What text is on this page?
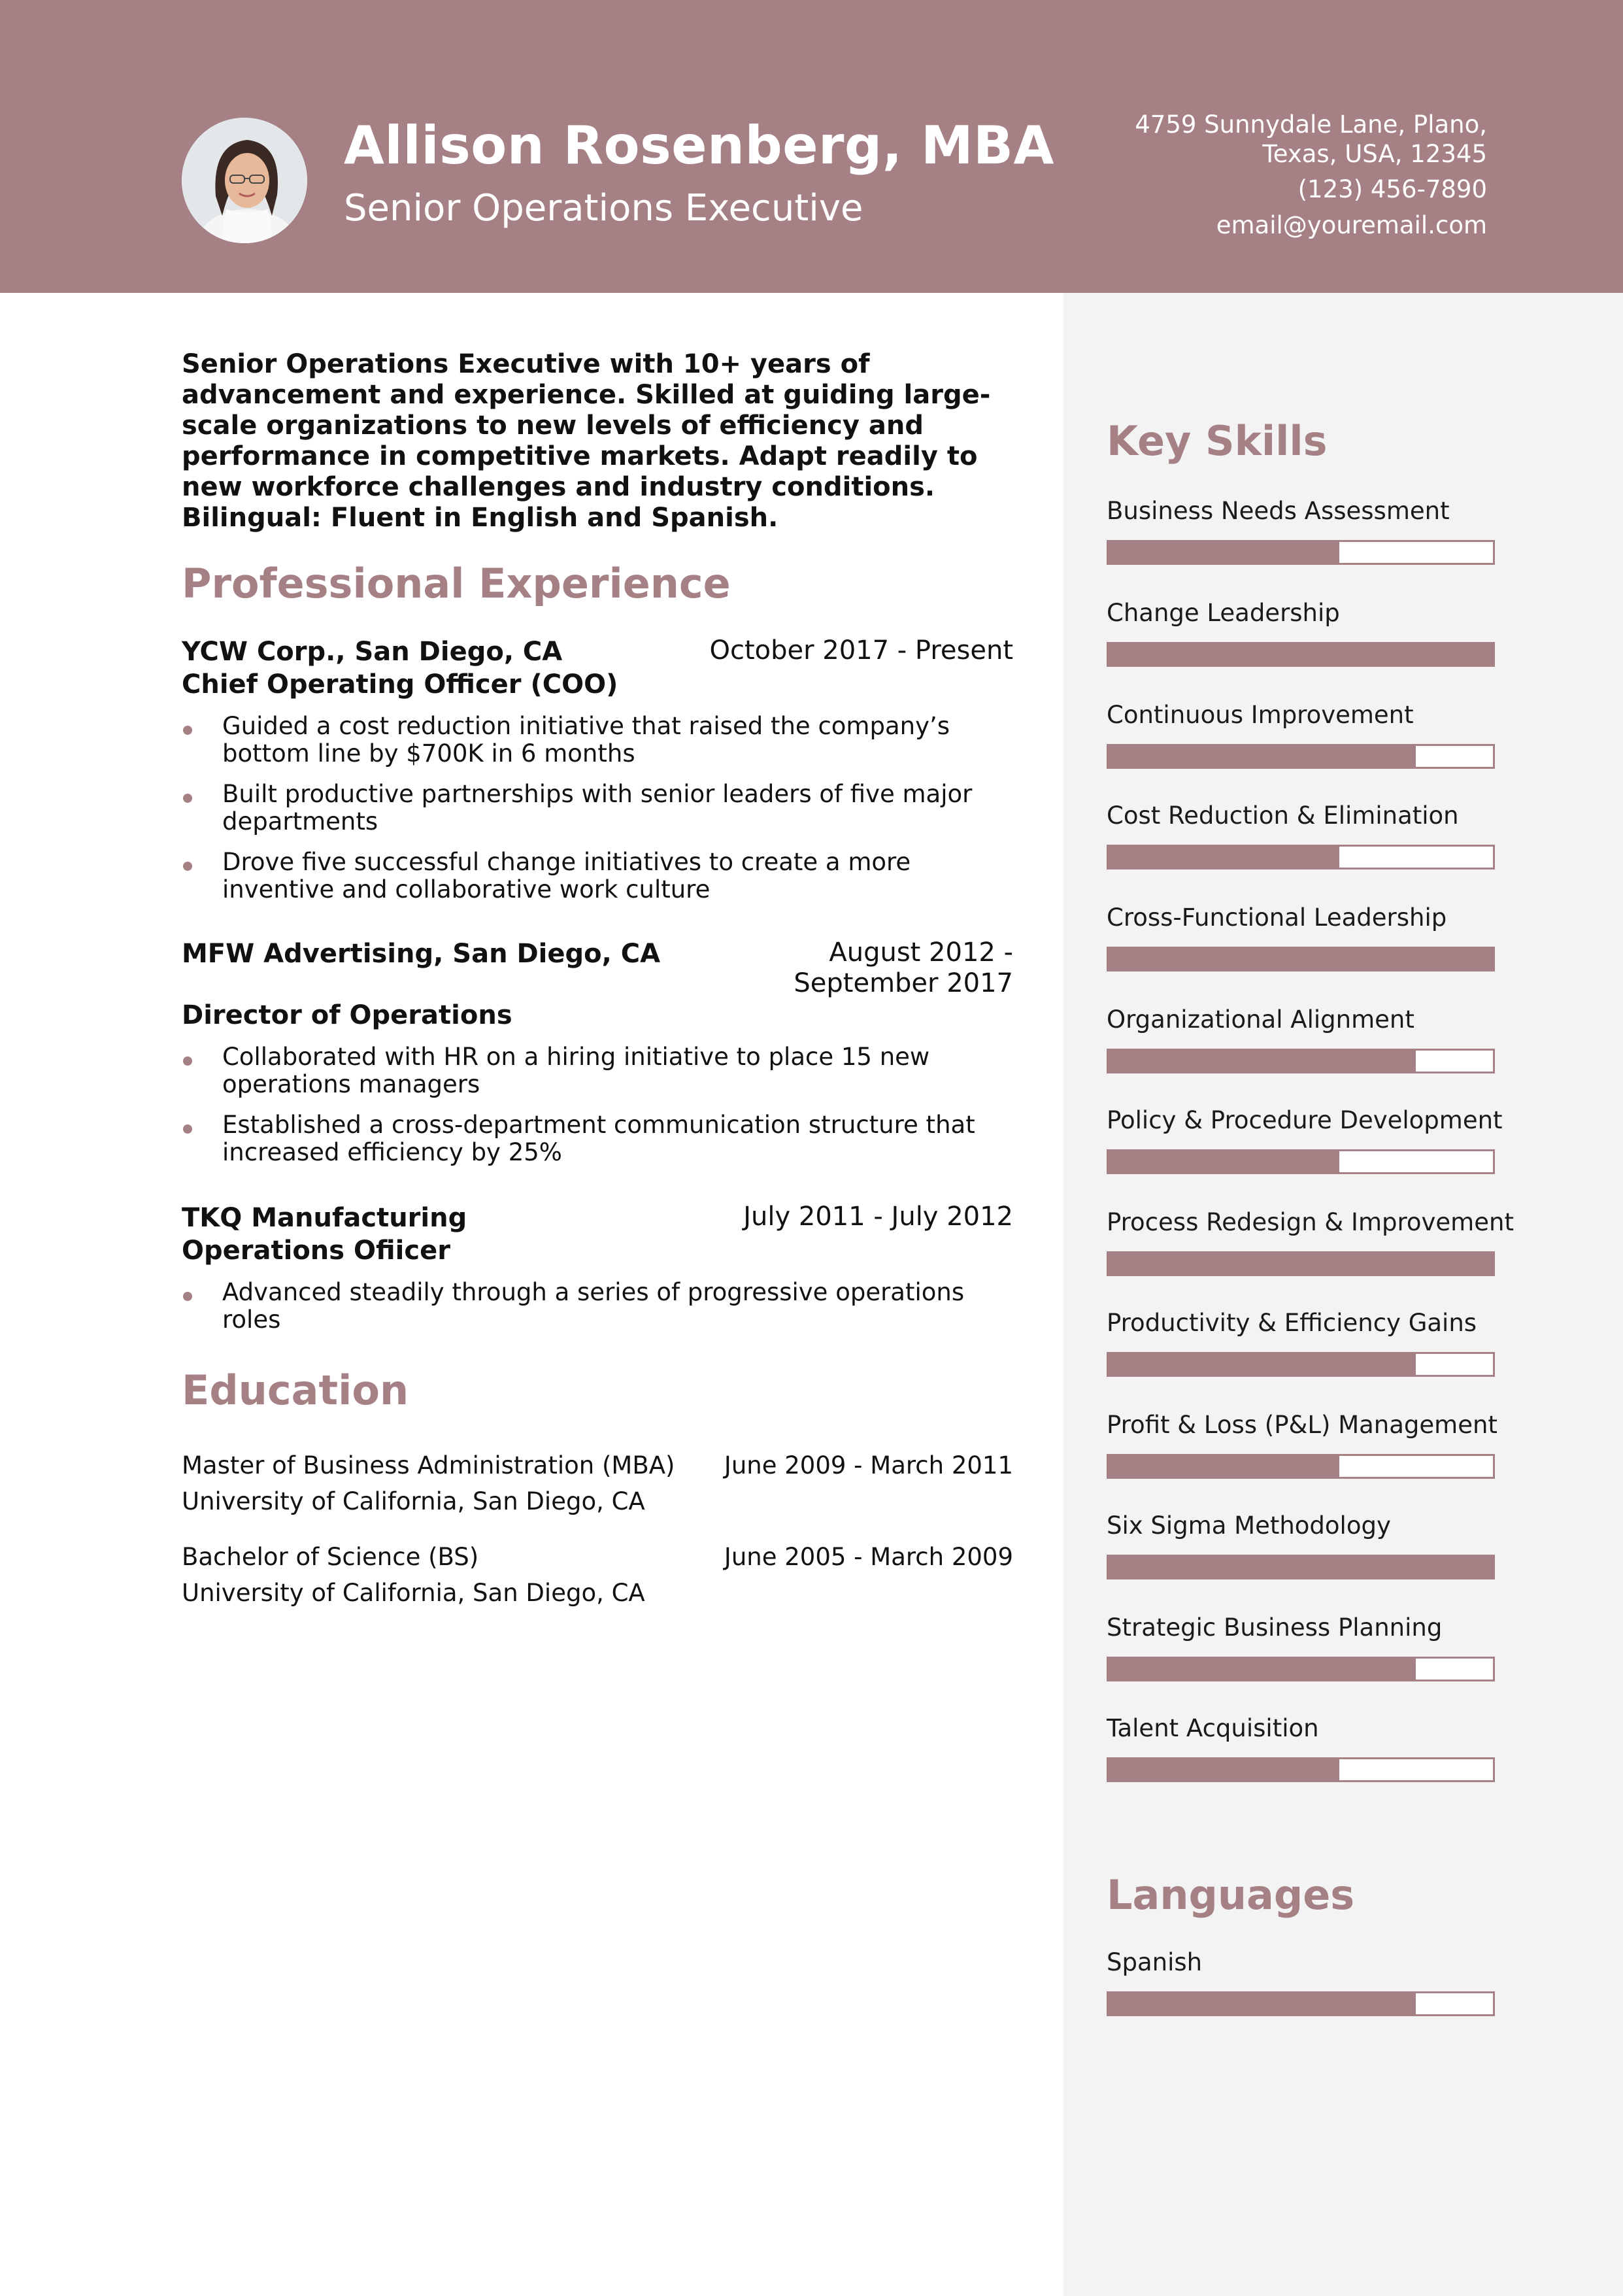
Allison Rosenberg, MBA
Senior Operations Executive
4759 Sunnydale Lane, Plano,
Texas, USA, 12345
(123) 456-7890
email@youremail.com

Senior Operations Executive with 10+ years of advancement and experience. Skilled at guiding large-scale organizations to new levels of efficiency and performance in competitive markets. Adapt readily to new workforce challenges and industry conditions. Bilingual: Fluent in English and Spanish.

Professional Experience
YCW Corp., San Diego, CA
Chief Operating Officer (COO)
October 2017 - Present
Guided a cost reduction initiative that raised the company’s bottom line by $700K in 6 months
Built productive partnerships with senior leaders of five major departments
Drove five successful change initiatives to create a more inventive and collaborative work culture
MFW Advertising, San Diego, CA
Director of Operations
August 2012 -
September 2017
Collaborated with HR on a hiring initiative to place 15 new operations managers
Established a cross-department communication structure that increased efficiency by 25%
TKQ Manufacturing
Operations Ofiicer
July 2011 - July 2012
Advanced steadily through a series of progressive operations roles
Education
Master of Business Administration (MBA)
University of California, San Diego, CA
June 2009 - March 2011
Bachelor of Science (BS)
University of California, San Diego, CA
June 2005 - March 2009
Key Skills
Business Needs Assessment
Change Leadership
Continuous Improvement
Cost Reduction & Elimination
Cross-Functional Leadership
Organizational Alignment
Policy & Procedure Development
Process Redesign & Improvement
Productivity & Efficiency Gains
Profit & Loss (P&L) Management
Six Sigma Methodology
Strategic Business Planning
Talent Acquisition
Languages
Spanish
